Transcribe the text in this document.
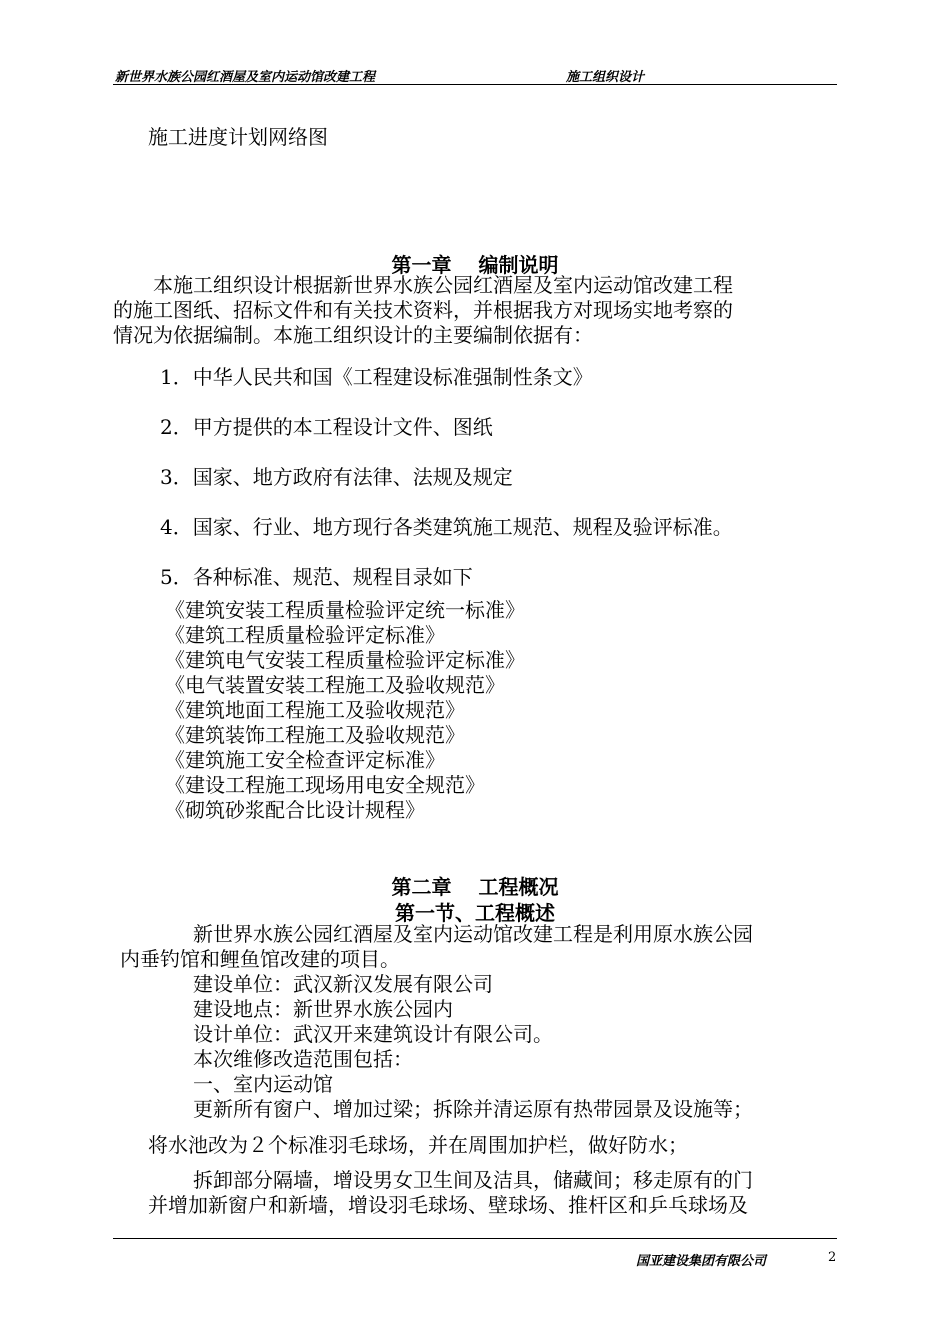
新世界水族公园红酒屋及室内运动馆改建工程	施工组织设计
施工进度计划网络图
第一章　 编制说明
　　本施工组织设计根据新世界水族公园红酒屋及室内运动馆改建工程
的施工图纸、招标文件和有关技术资料，并根据我方对现场实地考察的
情况为依据编制。本施工组织设计的主要编制依据有：
1．中华人民共和国《工程建设标准强制性条文》
2．甲方提供的本工程设计文件、图纸
3．国家、地方政府有法律、法规及规定
4．国家、行业、地方现行各类建筑施工规范、规程及验评标准。
5．各种标准、规范、规程目录如下
《建筑安装工程质量检验评定统一标准》
《建筑工程质量检验评定标准》
《建筑电气安装工程质量检验评定标准》
《电气装置安装工程施工及验收规范》
《建筑地面工程施工及验收规范》
《建筑装饰工程施工及验收规范》
《建筑施工安全检查评定标准》
《建设工程施工现场用电安全规范》
《砌筑砂浆配合比设计规程》
第二章　 工程概况
第一节、工程概述
新世界水族公园红酒屋及室内运动馆改建工程是利用原水族公园
内垂钓馆和鲤鱼馆改建的项目。
建设单位：武汉新汉发展有限公司
建设地点：新世界水族公园内
设计单位：武汉开来建筑设计有限公司。
本次维修改造范围包括：
一、室内运动馆
更新所有窗户、增加过梁；拆除并清运原有热带园景及设施等；
将水池改为２个标准羽毛球场，并在周围加护栏，做好防水；
拆卸部分隔墙，增设男女卫生间及洁具，储藏间；移走原有的门
并增加新窗户和新墙，增设羽毛球场、壁球场、推杆区和乒乓球场及
国亚建设集团有限公司	2
